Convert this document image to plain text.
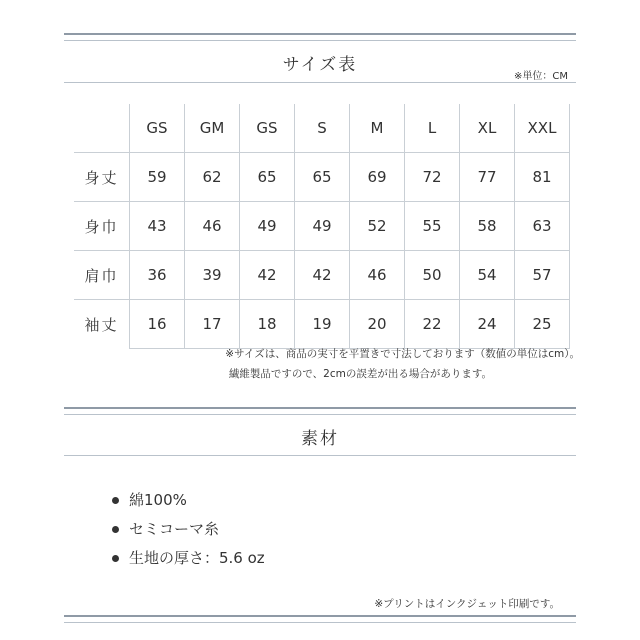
サイズ表
※単位：CM
	GS	GM	GS	S	M	L	XL	XXL
身丈	59	62	65	65	69	72	77	81
身巾	43	46	49	49	52	55	58	63
肩巾	36	39	42	42	46	50	54	57
袖丈	16	17	18	19	20	22	24	25
※サイズは、商品の実寸を平置きで寸法しております（数値の単位はcm）。
繊維製品ですので、2cmの誤差が出る場合があります。
素材
綿100%
セミコーマ糸
生地の厚さ：5.6 oz
※プリントはインクジェット印刷です。
